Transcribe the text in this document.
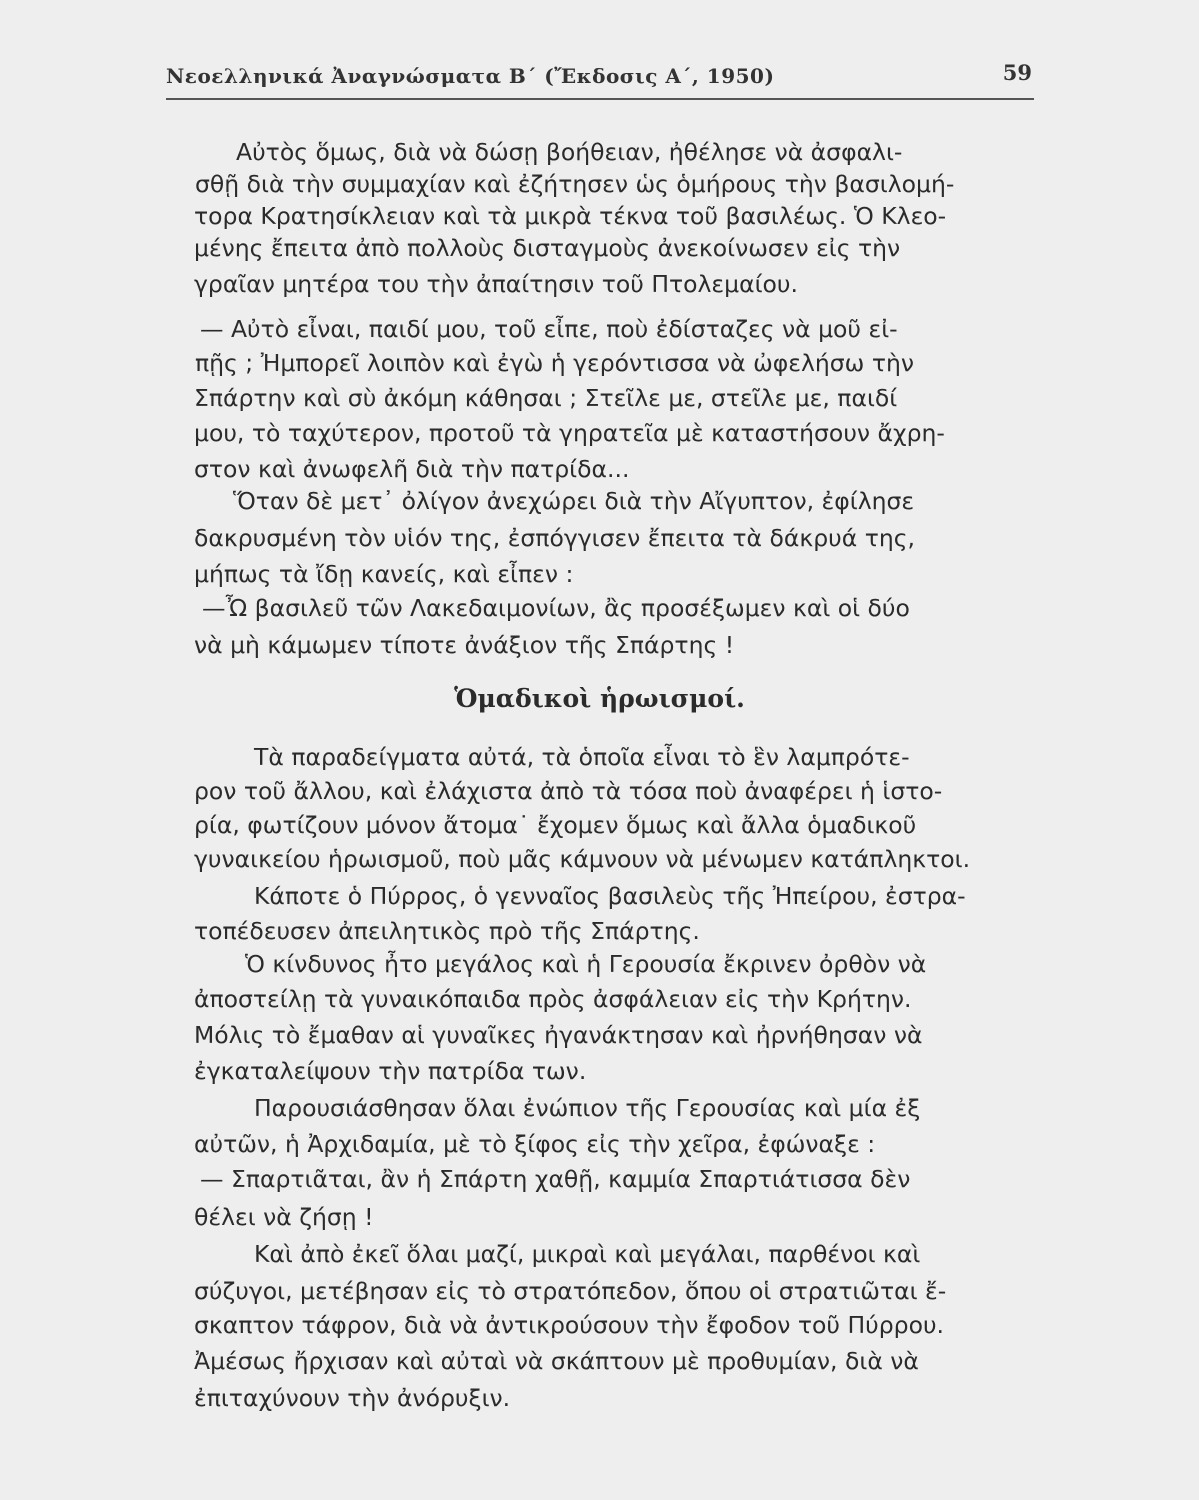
Νεοελληνικά Ἀναγνώσματα Β΄ (Ἔκδοσις Α΄, 1950)	59
Αὐτὸς ὅμως, διὰ νὰ δώσῃ βοήθειαν, ἠθέλησε νὰ ἀσφαλι-
σθῇ διὰ τὴν συμμαχίαν καὶ ἐζήτησεν ὡς ὁμήρους τὴν βασιλομή-
τορα Κρατησίκλειαν καὶ τὰ μικρὰ τέκνα τοῦ βασιλέως. Ὁ Κλεο-
μένης ἔπειτα ἀπὸ πολλοὺς δισταγμοὺς ἀνεκοίνωσεν εἰς τὴν
γραῖαν μητέρα του τὴν ἀπαίτησιν τοῦ Πτολεμαίου.
— Αὐτὸ εἶναι, παιδί μου, τοῦ εἶπε, ποὺ ἐδίσταζες νὰ μοῦ εἰ-
πῇς ; Ἠμπορεῖ λοιπὸν καὶ ἐγὼ ἡ γερόντισσα νὰ ὠφελήσω τὴν
Σπάρτην καὶ σὺ ἀκόμη κάθησαι ; Στεῖλε με, στεῖλε με, παιδί
μου, τὸ ταχύτερον, προτοῦ τὰ γηρατεῖα μὲ καταστήσουν ἄχρη-
στον καὶ ἀνωφελῆ διὰ τὴν πατρίδα...
Ὅταν δὲ μετ᾽ ὀλίγον ἀνεχώρει διὰ τὴν Αἴγυπτον, ἐφίλησε
δακρυσμένη τὸν υἱόν της, ἐσπόγγισεν ἔπειτα τὰ δάκρυά της,
μήπως τὰ ἴδῃ κανείς, καὶ εἶπεν :
—Ὦ βασιλεῦ τῶν Λακεδαιμονίων, ἂς προσέξωμεν καὶ οἱ δύο
νὰ μὴ κάμωμεν τίποτε ἀνάξιον τῆς Σπάρτης !
Ὁμαδικοὶ ἡρωισμοί.
Τὰ παραδείγματα αὐτά, τὰ ὁποῖα εἶναι τὸ ἓν λαμπρότε-
ρον τοῦ ἄλλου, καὶ ἐλάχιστα ἀπὸ τὰ τόσα ποὺ ἀναφέρει ἡ ἱστο-
ρία, φωτίζουν μόνον ἄτομα˙ ἔχομεν ὅμως καὶ ἄλλα ὁμαδικοῦ
γυναικείου ἡρωισμοῦ, ποὺ μᾶς κάμνουν νὰ μένωμεν κατάπληκτοι.
Κάποτε ὁ Πύρρος, ὁ γενναῖος βασιλεὺς τῆς Ἠπείρου, ἐστρα-
τοπέδευσεν ἀπειλητικὸς πρὸ τῆς Σπάρτης.
Ὁ κίνδυνος ἦτο μεγάλος καὶ ἡ Γερουσία ἔκρινεν ὀρθὸν νὰ
ἀποστείλῃ τὰ γυναικόπαιδα πρὸς ἀσφάλειαν εἰς τὴν Κρήτην.
Μόλις τὸ ἔμαθαν αἱ γυναῖκες ἠγανάκτησαν καὶ ἠρνήθησαν νὰ
ἐγκαταλείψουν τὴν πατρίδα των.
Παρουσιάσθησαν ὅλαι ἐνώπιον τῆς Γερουσίας καὶ μία ἐξ
αὐτῶν, ἡ Ἀρχιδαμία, μὲ τὸ ξίφος εἰς τὴν χεῖρα, ἐφώναξε :
— Σπαρτιᾶται, ἂν ἡ Σπάρτη χαθῇ, καμμία Σπαρτιάτισσα δὲν
θέλει νὰ ζήσῃ !
Καὶ ἀπὸ ἐκεῖ ὅλαι μαζί, μικραὶ καὶ μεγάλαι, παρθένοι καὶ
σύζυγοι, μετέβησαν εἰς τὸ στρατόπεδον, ὅπου οἱ στρατιῶται ἔ-
σκαπτον τάφρον, διὰ νὰ ἀντικρούσουν τὴν ἔφοδον τοῦ Πύρρου.
Ἀμέσως ἤρχισαν καὶ αὐταὶ νὰ σκάπτουν μὲ προθυμίαν, διὰ νὰ
ἐπιταχύνουν τὴν ἀνόρυξιν.
